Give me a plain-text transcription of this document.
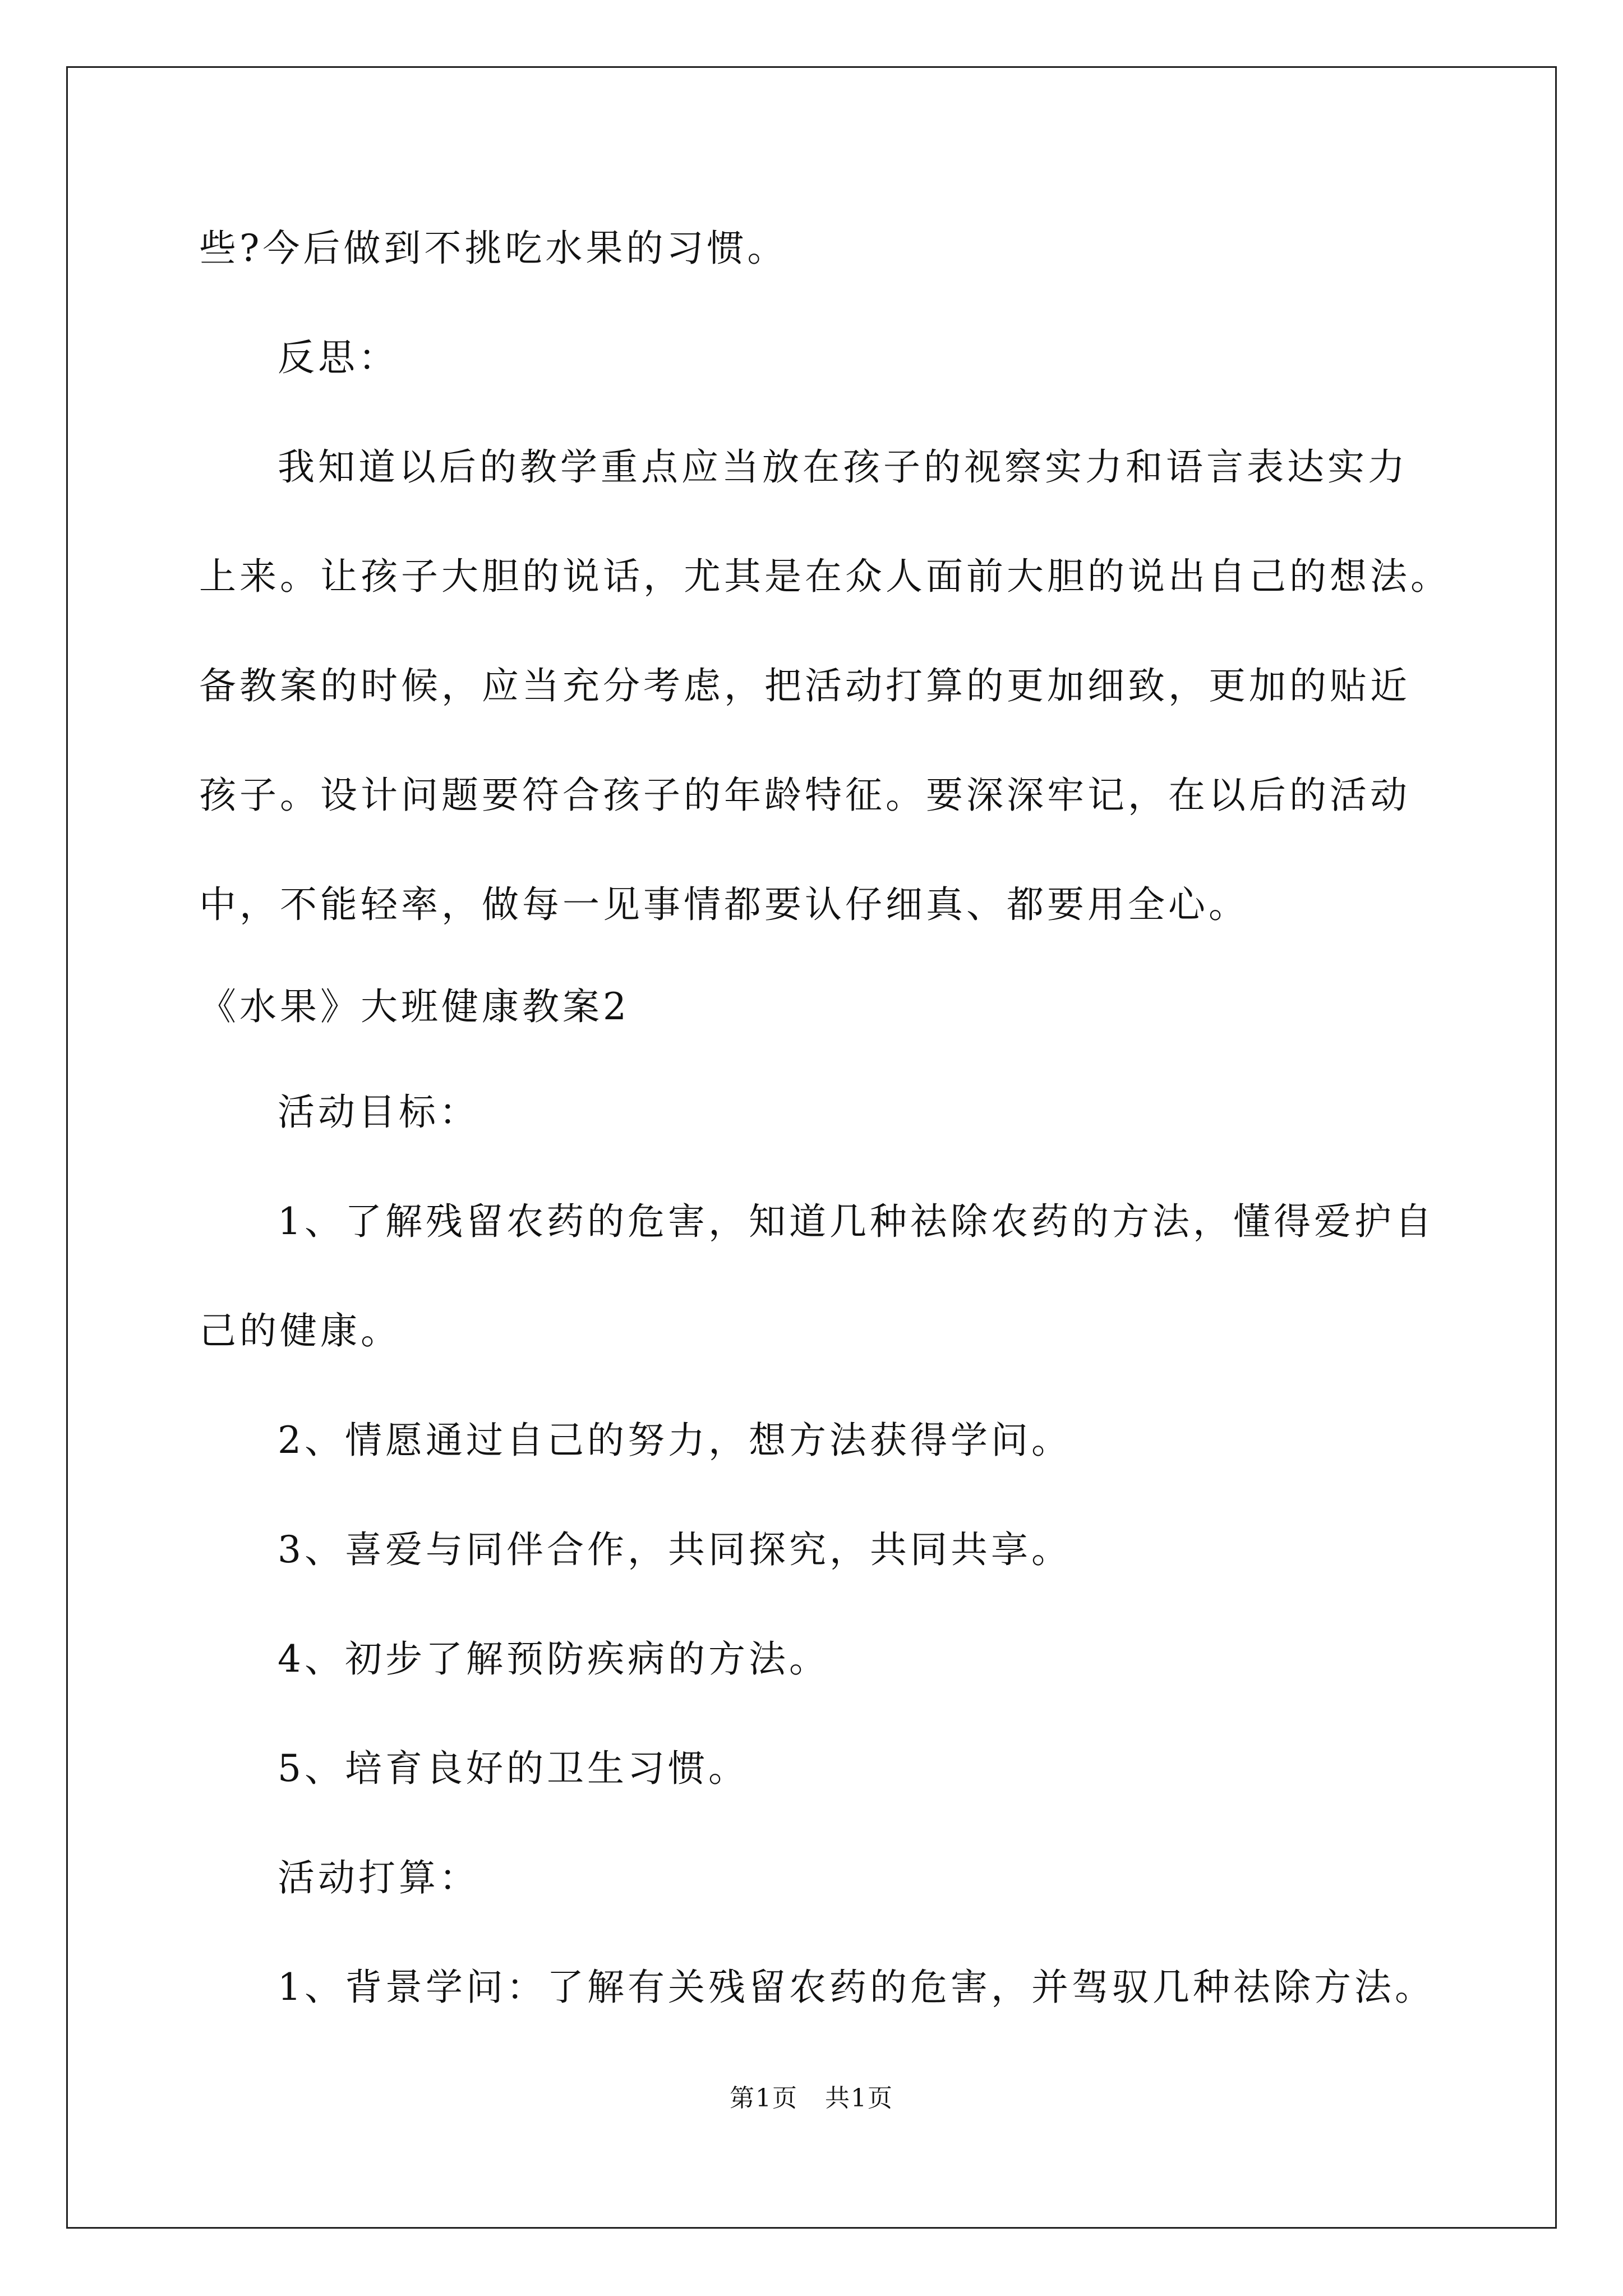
些?今后做到不挑吃水果的习惯。
反思：
我知道以后的教学重点应当放在孩子的视察实力和语言表达实力
上来。让孩子大胆的说话，尤其是在众人面前大胆的说出自己的想法。
备教案的时候，应当充分考虑，把活动打算的更加细致，更加的贴近
孩子。设计问题要符合孩子的年龄特征。要深深牢记，在以后的活动
中，不能轻率，做每一见事情都要认仔细真、都要用全心。
《水果》大班健康教案2
活动目标：
1、了解残留农药的危害，知道几种祛除农药的方法，懂得爱护自
己的健康。
2、情愿通过自己的努力，想方法获得学问。
3、喜爱与同伴合作，共同探究，共同共享。
4、初步了解预防疾病的方法。
5、培育良好的卫生习惯。
活动打算：
1、背景学问：了解有关残留农药的危害，并驾驭几种祛除方法。
第1页 共1页
